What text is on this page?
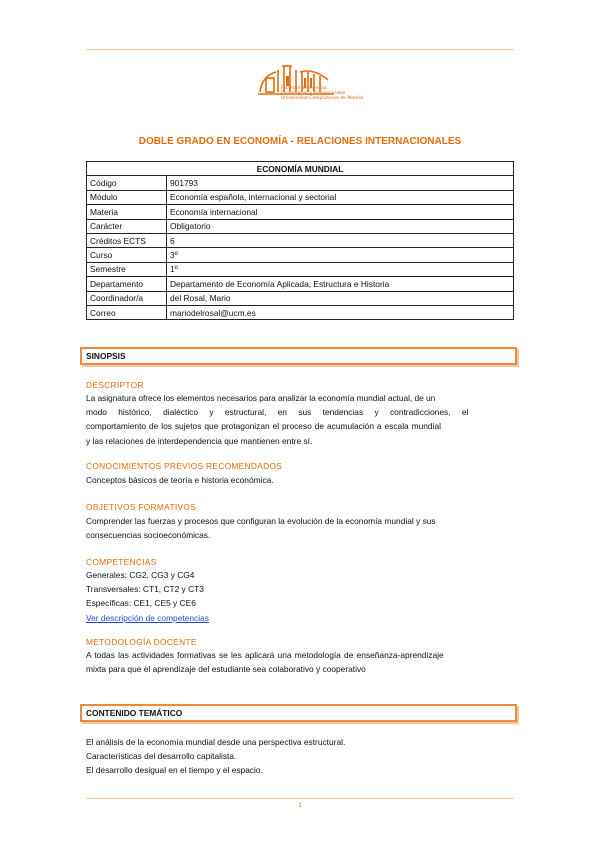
Facultad de Ciencias
Económicas y Empresariales
Universidad Complutense de Madrid
DOBLE GRADO EN ECONOMÍA - RELACIONES INTERNACIONALES
ECONOMÍA MUNDIAL	
Código	901793
Módulo	Economía española, internacional y sectorial
Materia	Economía internacional
Carácter	Obligatorio
Créditos ECTS	6
Curso	3º
Semestre	1º
Departamento	Departamento de Economía Aplicada, Estructura e Historia
Coordinador/a	del Rosal, Mario
Correo	mariodelrosal@ucm.es
SINOPSIS
DESCRIPTOR
La asignatura ofrece los elementos necesarios para analizar la economía mundial actual, de un
modo histórico, dialéctico y estructural, en sus tendencias y contradicciones, el
comportamiento de los sujetos que protagonizan el proceso de acumulación a escala mundial
y las relaciones de interdependencia que mantienen entre sí.
CONOCIMIENTOS PREVIOS RECOMENDADOS
Conceptos básicos de teoría e historia económica.
OBJETIVOS FORMATIVOS
Comprender las fuerzas y procesos que configuran la evolución de la economía mundial y sus
consecuencias socioeconómicas.
COMPETENCIAS
Generales: CG2, CG3 y CG4
Transversales: CT1, CT2 y CT3
Específicas: CE1, CE5 y CE6
Ver descripción de competencias
METODOLOGÍA DOCENTE
A todas las actividades formativas se les aplicará una metodología de enseñanza-aprendizaje
mixta para que el aprendizaje del estudiante sea colaborativo y cooperativo
CONTENIDO TEMÁTICO
El análisis de la economía mundial desde una perspectiva estructural.
Características del desarrollo capitalista.
El desarrollo desigual en el tiempo y el espacio.
1
